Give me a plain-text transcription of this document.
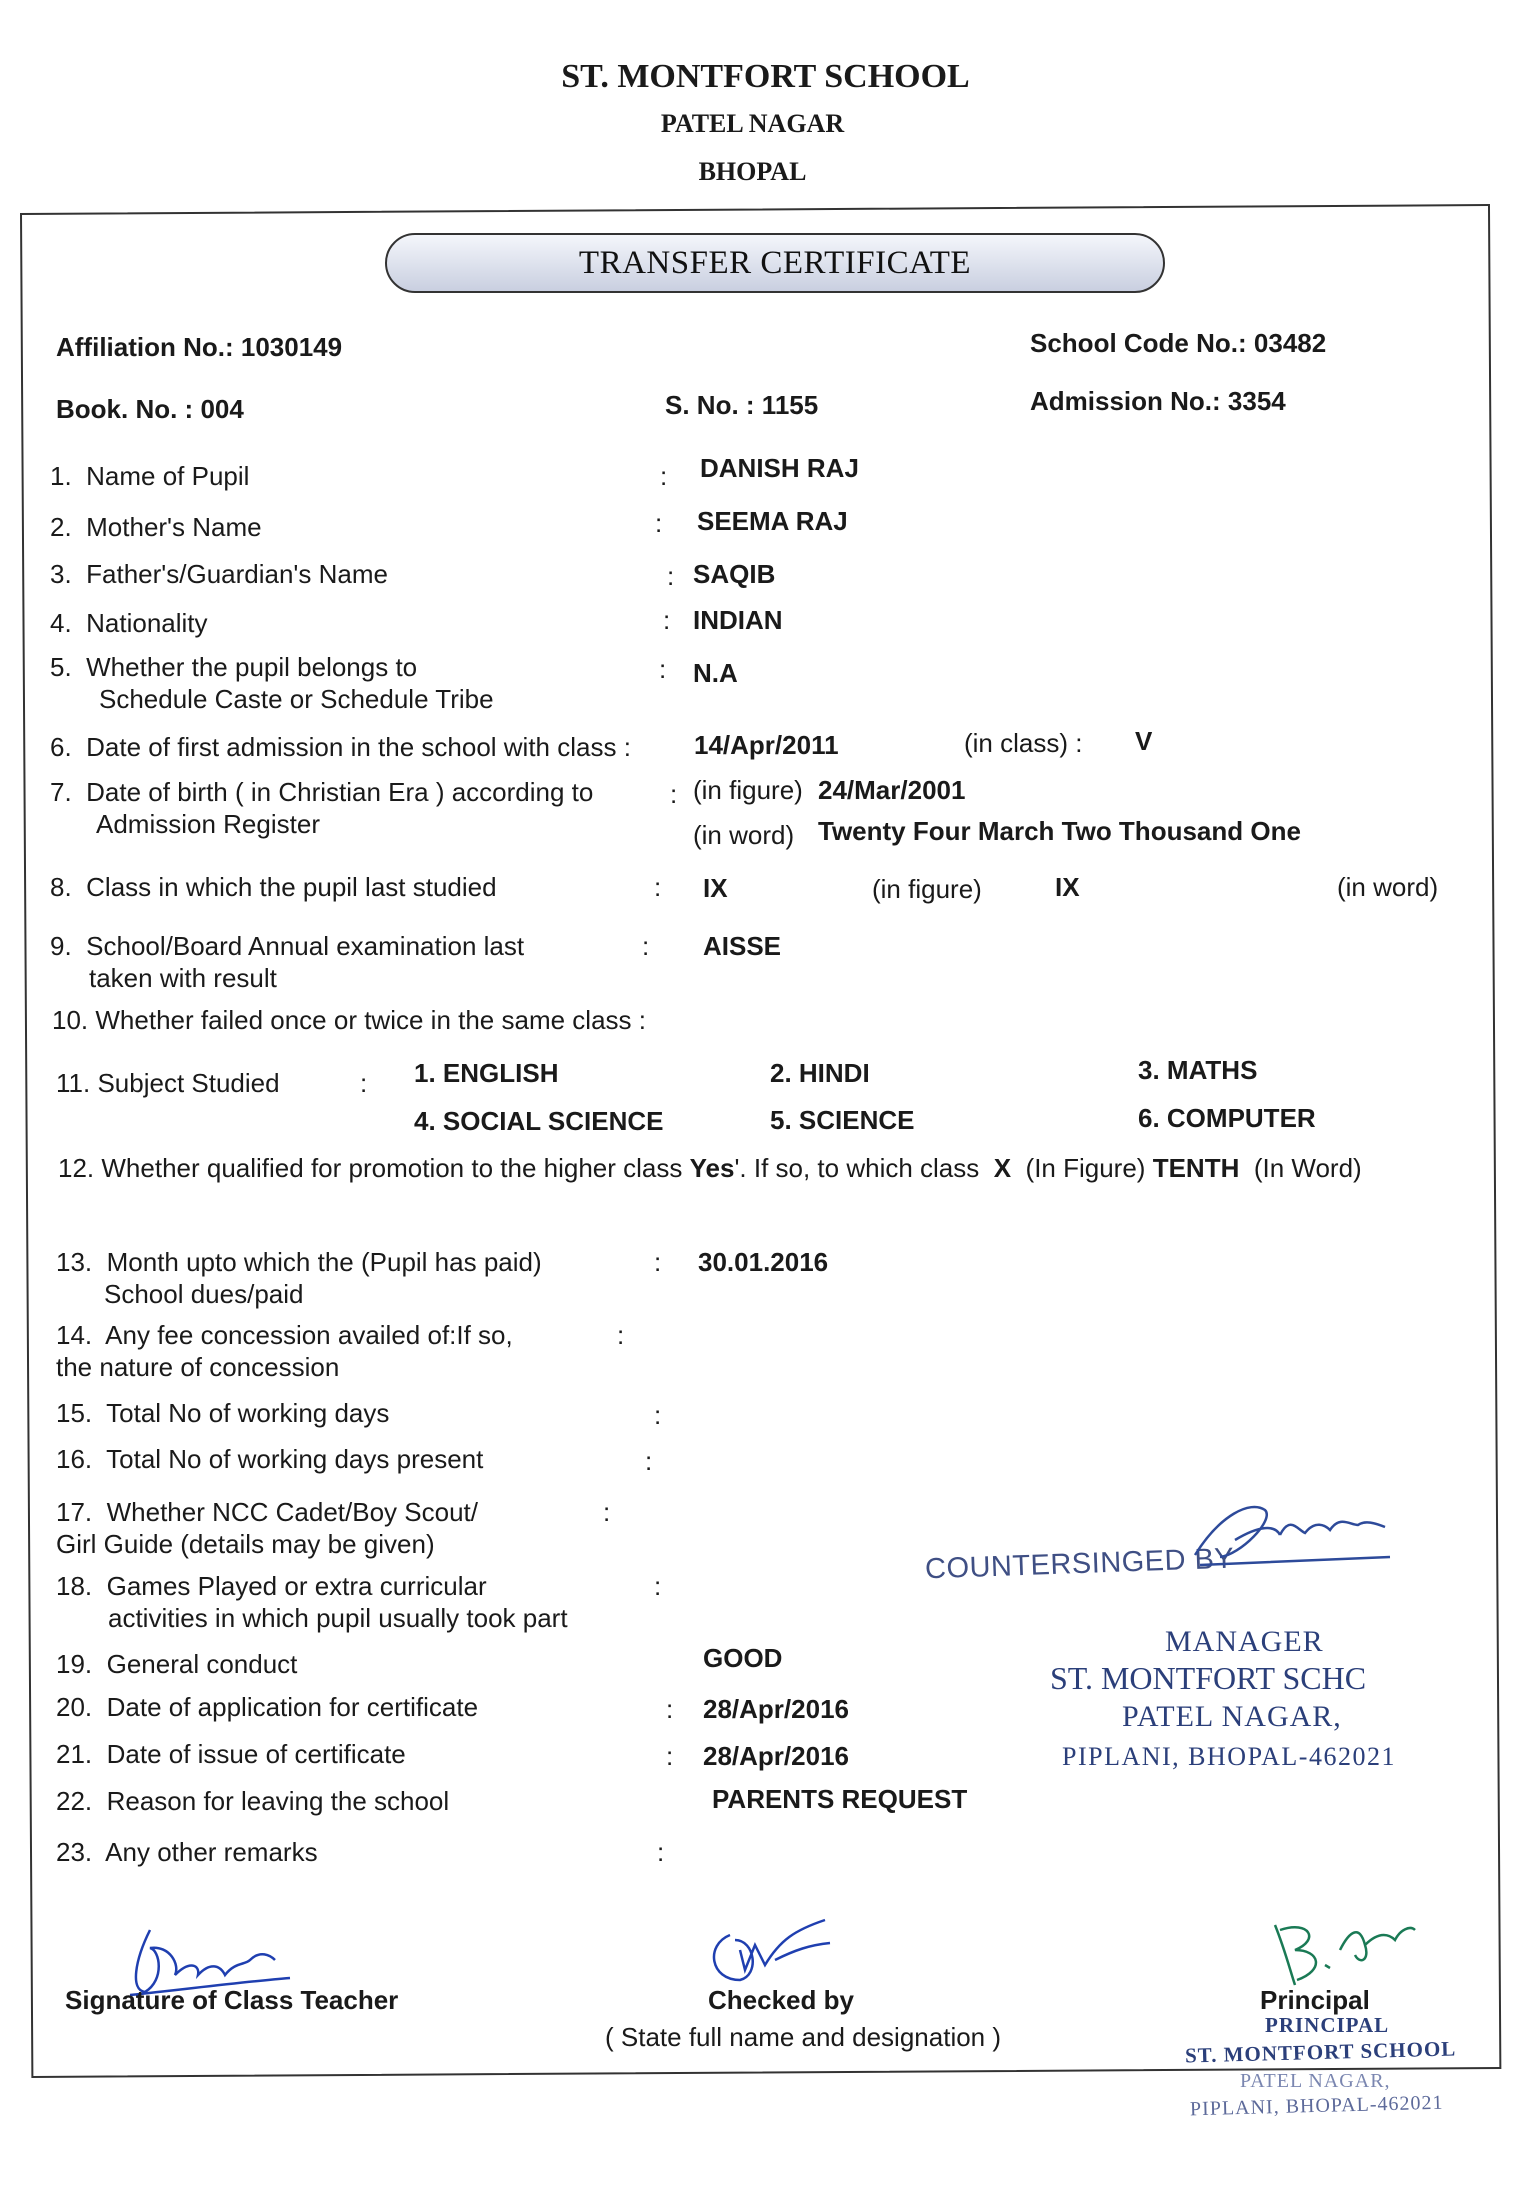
ST. MONTFORT SCHOOL
PATEL NAGAR
BHOPAL
TRANSFER CERTIFICATE
Affiliation No.: 1030149	School Code No.: 03482
Book. No. : 004	S. No. : 1155	Admission No.: 3354
1. Name of Pupil	: DANISH RAJ
2. Mother's Name	: SEEMA RAJ
3. Father's/Guardian's Name	: SAQIB
4. Nationality	: INDIAN
5. Whether the pupil belongs to
Schedule Caste or Schedule Tribe
: N.A
6. Date of first admission in the school with class : 14/Apr/2011	(in class) : V
7. Date of birth ( in Christian Era ) according to
Admission Register
: (in figure) 24/Mar/2001
(in word) Twenty Four March Two Thousand One
8. Class in which the pupil last studied	: IX	(in figure)	IX	(in word)
9. School/Board Annual examination last
taken with result
: AISSE
10. Whether failed once or twice in the same class :
11. Subject Studied	: 1. ENGLISH	2. HINDI	3. MATHS
4. SOCIAL SCIENCE	5. SCIENCE	6. COMPUTER
12. Whether qualified for promotion to the higher class Yes'. If so, to which class X (In Figure) TENTH (In Word)
13. Month upto which the (Pupil has paid)
School dues/paid
: 30.01.2016
14. Any fee concession availed of:If so,
the nature of concession
:
15. Total No of working days	:
16. Total No of working days present	:
17. Whether NCC Cadet/Boy Scout/
Girl Guide (details may be given)
:
18. Games Played or extra curricular
activities in which pupil usually took part
:
19. General conduct	GOOD
20. Date of application for certificate	: 28/Apr/2016
21. Date of issue of certificate	: 28/Apr/2016
22. Reason for leaving the school	PARENTS REQUEST
23. Any other remarks	:
COUNTERSINGED BY
MANAGER
ST. MONTFORT SCHC
PATEL NAGAR,
PIPLANI, BHOPAL-462021
Signature of Class Teacher	Checked by
( State full name and designation )
Principal
PRINCIPAL
ST. MONTFORT SCHOOL
PATEL NAGAR,
PIPLANI, BHOPAL-462021
